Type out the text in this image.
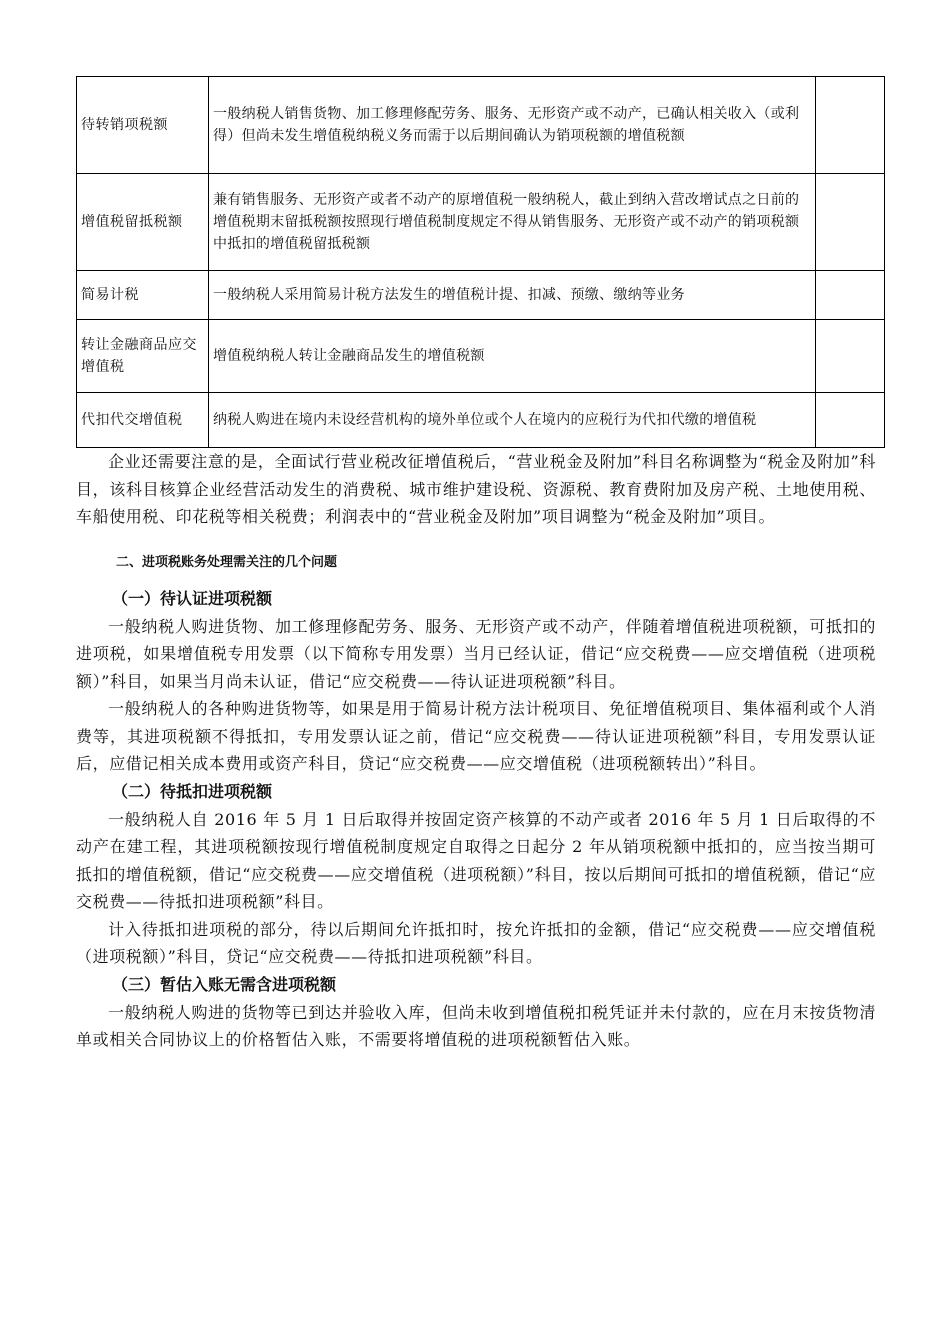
待转销项税额	一般纳税人销售货物、加工修理修配劳务、服务、无形资产或不动产，已确认相关收入（或利得）但尚未发生增值税纳税义务而需于以后期间确认为销项税额的增值税额	
增值税留抵税额	兼有销售服务、无形资产或者不动产的原增值税一般纳税人，截止到纳入营改增试点之日前的增值税期末留抵税额按照现行增值税制度规定不得从销售服务、无形资产或不动产的销项税额中抵扣的增值税留抵税额	
简易计税	一般纳税人采用简易计税方法发生的增值税计提、扣减、预缴、缴纳等业务	
转让金融商品应交增值税	增值税纳税人转让金融商品发生的增值税额	
代扣代交增值税	纳税人购进在境内未设经营机构的境外单位或个人在境内的应税行为代扣代缴的增值税	

企业还需要注意的是，全面试行营业税改征增值税后，“营业税金及附加”科目名称调整为“税金及附加”科目，该科目核算企业经营活动发生的消费税、城市维护建设税、资源税、教育费附加及房产税、土地使用税、车船使用税、印花税等相关税费；利润表中的“营业税金及附加”项目调整为“税金及附加”项目。

二、进项税账务处理需关注的几个问题
（一）待认证进项税额

一般纳税人购进货物、加工修理修配劳务、服务、无形资产或不动产，伴随着增值税进项税额，可抵扣的进项税，如果增值税专用发票（以下简称专用发票）当月已经认证，借记“应交税费——应交增值税（进项税额）”科目，如果当月尚未认证，借记“应交税费——待认证进项税额”科目。

一般纳税人的各种购进货物等，如果是用于简易计税方法计税项目、免征增值税项目、集体福利或个人消费等，其进项税额不得抵扣，专用发票认证之前，借记“应交税费——待认证进项税额”科目，专用发票认证后，应借记相关成本费用或资产科目，贷记“应交税费——应交增值税（进项税额转出）”科目。

（二）待抵扣进项税额

一般纳税人自 2016 年 5 月 1 日后取得并按固定资产核算的不动产或者 2016 年 5 月 1 日后取得的不动产在建工程，其进项税额按现行增值税制度规定自取得之日起分 2 年从销项税额中抵扣的，应当按当期可抵扣的增值税额，借记“应交税费——应交增值税（进项税额）”科目，按以后期间可抵扣的增值税额，借记“应交税费——待抵扣进项税额”科目。

计入待抵扣进项税的部分，待以后期间允许抵扣时，按允许抵扣的金额，借记“应交税费——应交增值税（进项税额）”科目，贷记“应交税费——待抵扣进项税额”科目。

（三）暂估入账无需含进项税额

一般纳税人购进的货物等已到达并验收入库，但尚未收到增值税扣税凭证并未付款的，应在月末按货物清单或相关合同协议上的价格暂估入账，不需要将增值税的进项税额暂估入账。
